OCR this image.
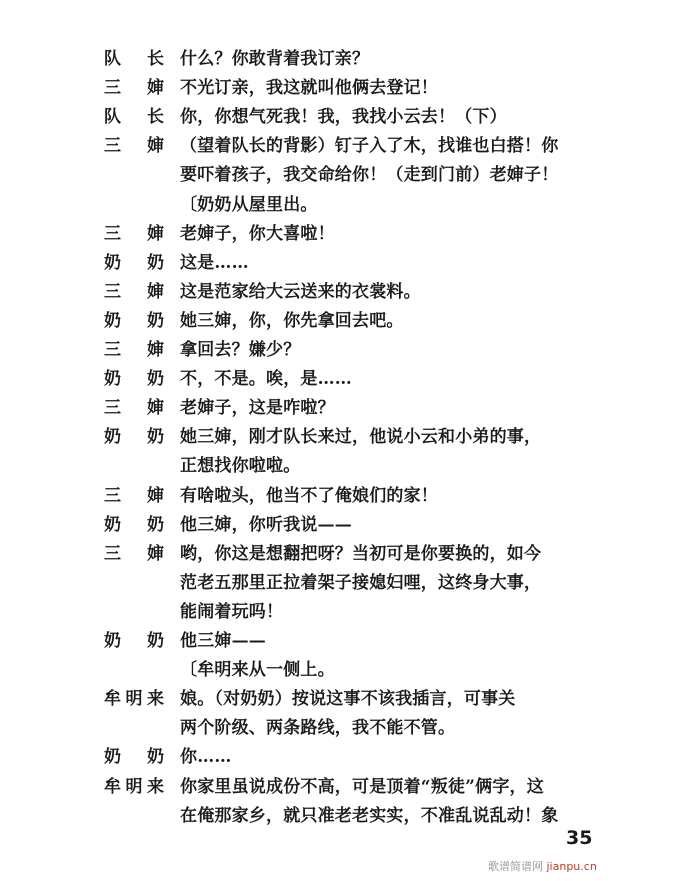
队 长 什么？你敢背着我订亲？
三 婶 不光订亲，我这就叫他俩去登记！
队 长 你，你想气死我！我，我找小云去！（下）
三 婶 （望着队长的背影）钉子入了木，找谁也白搭！你
要吓着孩子，我交命给你！（走到门前）老婶子！
〔奶奶从屋里出。
三 婶 老婶子，你大喜啦！
奶 奶 这是……
三 婶 这是范家给大云送来的衣裳料。
奶 奶 她三婶，你，你先拿回去吧。
三 婶 拿回去？嫌少？
奶 奶 不，不是。唉，是……
三 婶 老婶子，这是咋啦？
奶 奶 她三婶，刚才队长来过，他说小云和小弟的事，
正想找你啦啦。
三 婶 有啥啦头，他当不了俺娘们的家！
奶 奶 他三婶，你听我说——
三 婶 哟，你这是想翻把呀？当初可是你要换的，如今
范老五那里正拉着架子接媳妇哩，这终身大事，
能闹着玩吗！
奶 奶 他三婶——
〔牟明来从一侧上。
牟明来 娘。（对奶奶）按说这事不该我插言，可事关
两个阶级、两条路线，我不能不管。
奶 奶 你……
牟明来 你家里虽说成份不高，可是顶着“叛徒”俩字，这
在俺那家乡，就只准老老实实，不准乱说乱动！象
35
歌谱简谱网 jianpu.cn
